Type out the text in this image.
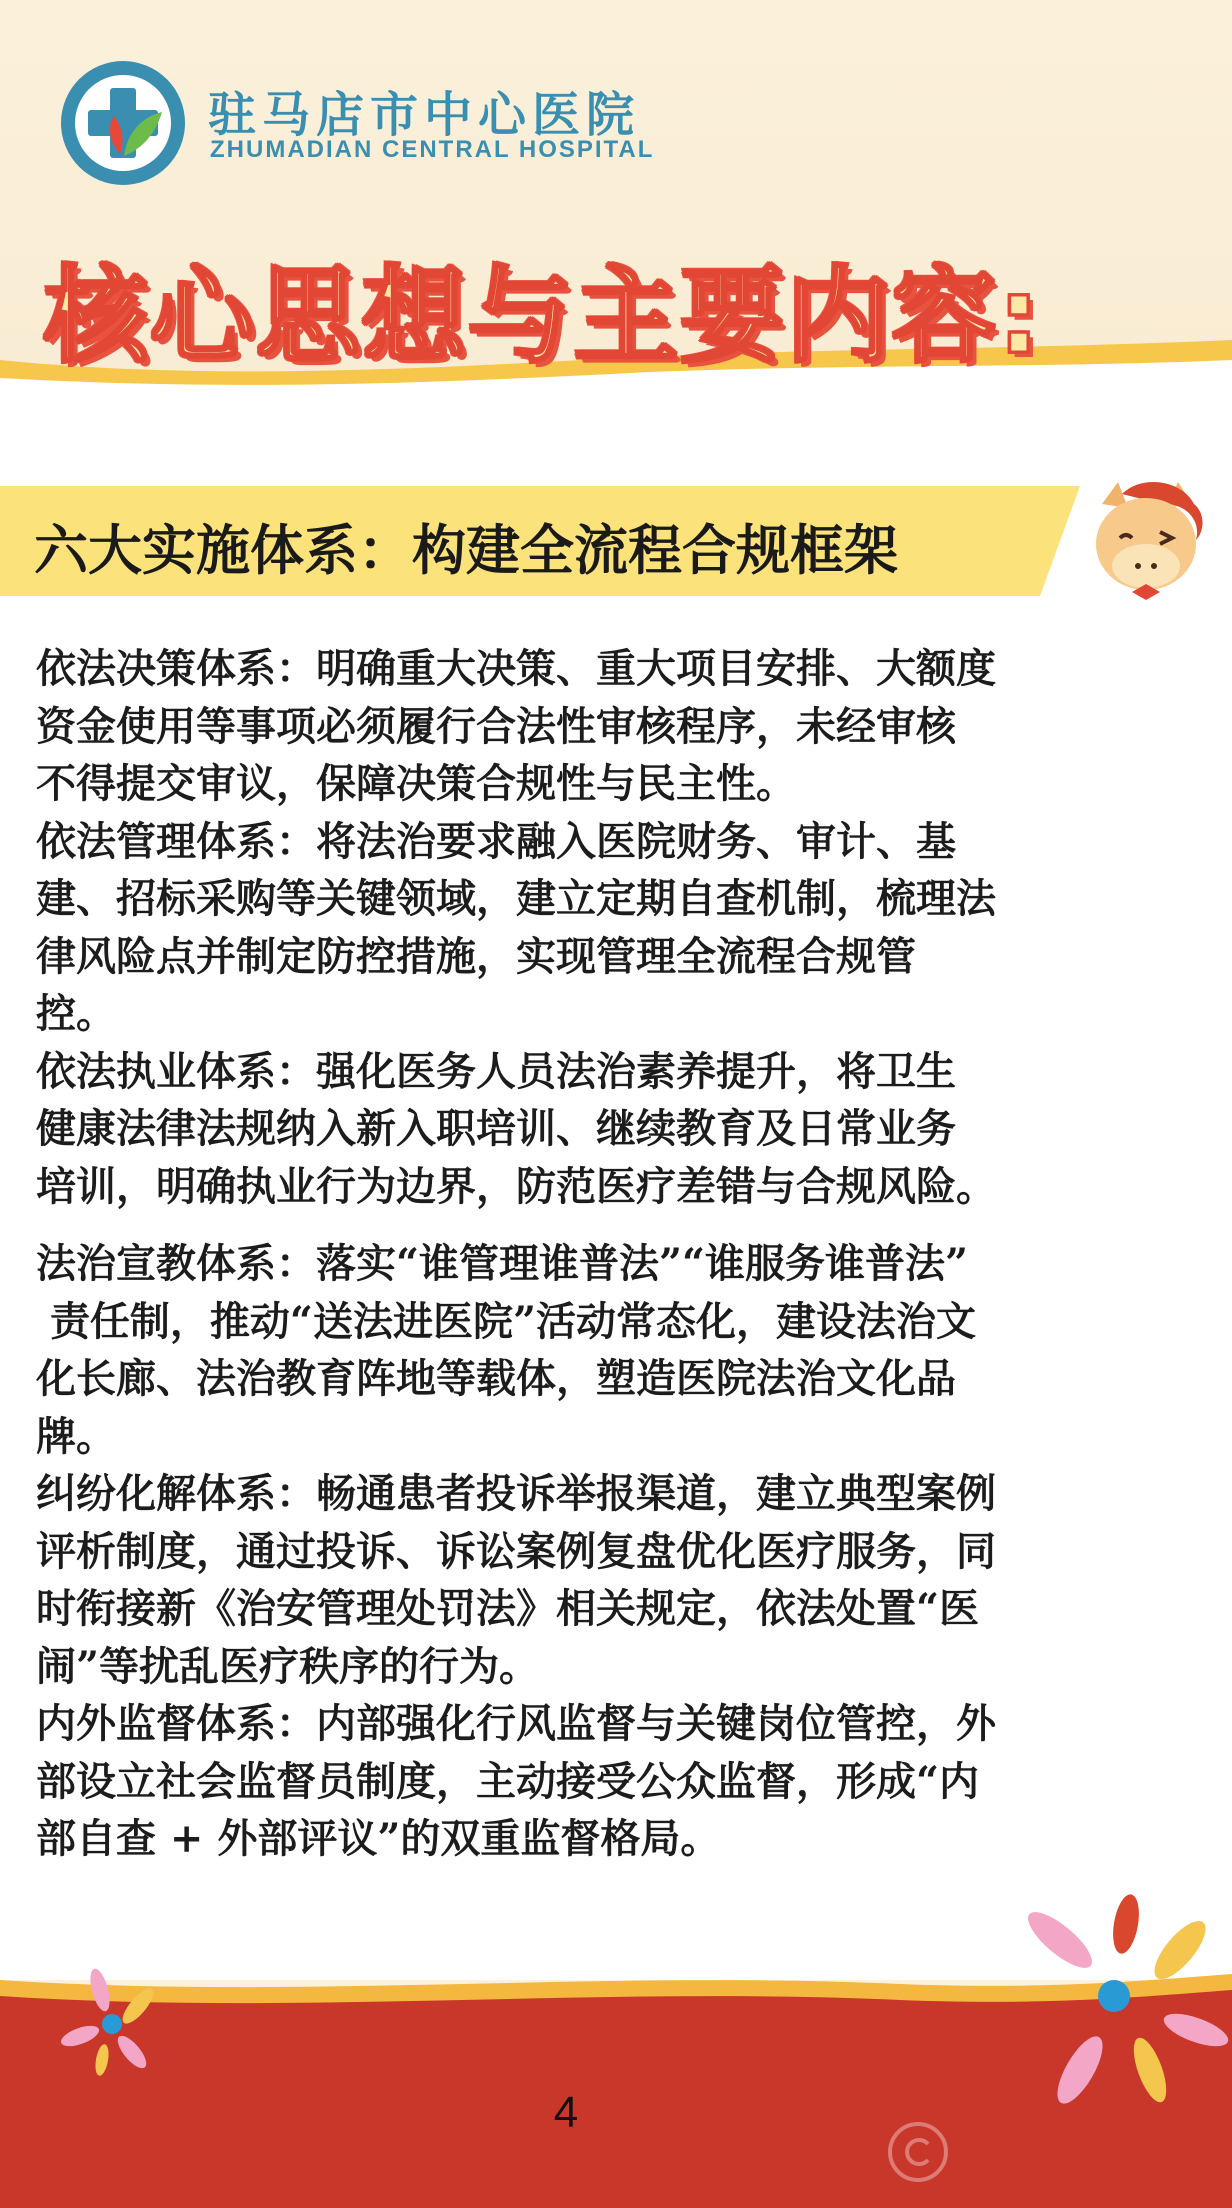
驻马店市中心医院
ZHUMADIAN CENTRAL HOSPITAL
核心思想与主要内容:
六大实施体系：构建全流程合规框架
依法决策体系：明确重大决策、重大项目安排、大额度
资金使用等事项必须履行合法性审核程序，未经审核
不得提交审议，保障决策合规性与民主性。
依法管理体系：将法治要求融入医院财务、审计、基
建、招标采购等关键领域，建立定期自查机制，梳理法
律风险点并制定防控措施，实现管理全流程合规管
控。
依法执业体系：强化医务人员法治素养提升，将卫生
健康法律法规纳入新入职培训、继续教育及日常业务
培训，明确执业行为边界，防范医疗差错与合规风险。
法治宣教体系：落实“谁管理谁普法”“谁服务谁普法”
责任制，推动“送法进医院”活动常态化，建设法治文
化长廊、法治教育阵地等载体，塑造医院法治文化品
牌。
纠纷化解体系：畅通患者投诉举报渠道，建立典型案例
评析制度，通过投诉、诉讼案例复盘优化医疗服务，同
时衔接新《治安管理处罚法》相关规定，依法处置“医
闹”等扰乱医疗秩序的行为。
内外监督体系：内部强化行风监督与关键岗位管控，外
部设立社会监督员制度，主动接受公众监督，形成“内
部自查 + 外部评议”的双重监督格局。
4
